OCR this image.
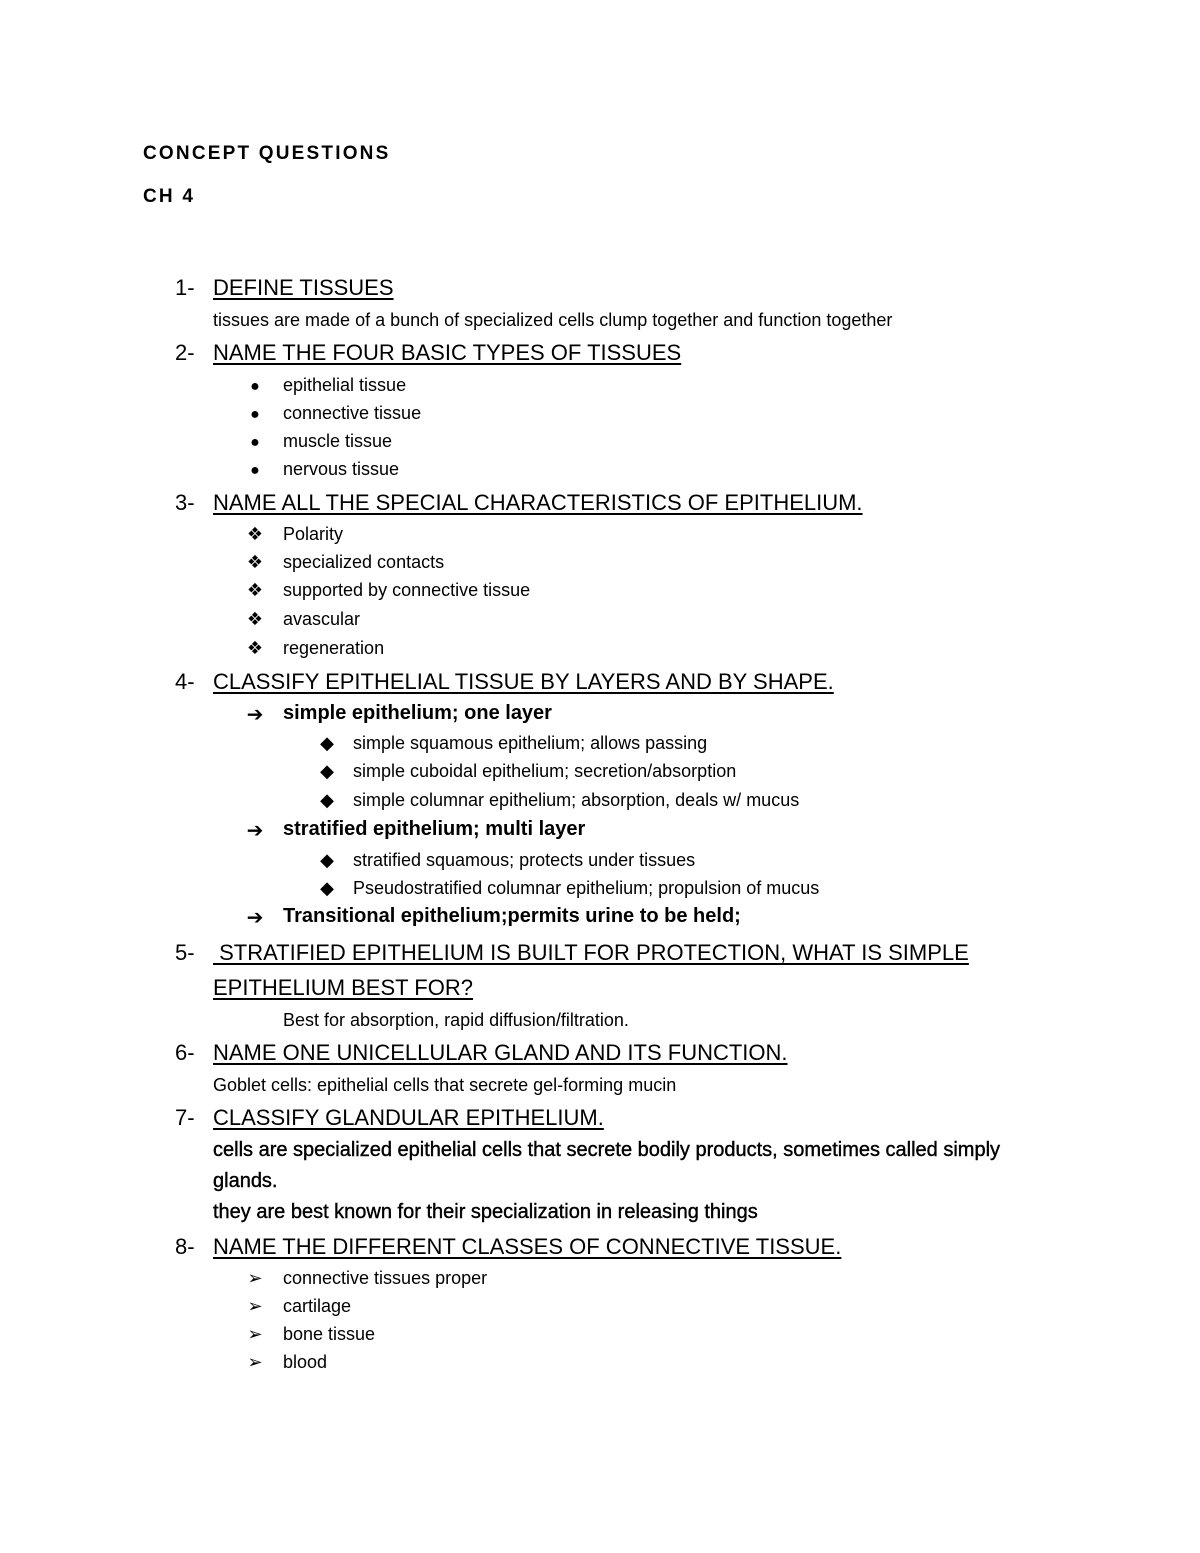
CONCEPT QUESTIONS
CH 4
1- DEFINE TISSUES
tissues are made of a bunch of specialized cells clump together and function together
2- NAME THE FOUR BASIC TYPES OF TISSUES
●	epithelial tissue
●	connective tissue
●	muscle tissue
●	nervous tissue
3- NAME ALL THE SPECIAL CHARACTERISTICS OF EPITHELIUM.
❖ Polarity
❖ specialized contacts
❖ supported by connective tissue
❖ avascular
❖ regeneration
4- CLASSIFY EPITHELIAL TISSUE BY LAYERS AND BY SHAPE.
➔ simple epithelium; one layer
◆ simple squamous epithelium; allows passing
◆ simple cuboidal epithelium; secretion/absorption
◆ simple columnar epithelium; absorption, deals w/ mucus
➔ stratified epithelium; multi layer
◆ stratified squamous; protects under tissues
◆ Pseudostratified columnar epithelium; propulsion of mucus
➔ Transitional epithelium;permits urine to be held;
5- STRATIFIED EPITHELIUM IS BUILT FOR PROTECTION, WHAT IS SIMPLE
EPITHELIUM BEST FOR?
Best for absorption, rapid diffusion/filtration.
6- NAME ONE UNICELLULAR GLAND AND ITS FUNCTION.
Goblet cells: epithelial cells that secrete gel-forming mucin
7- CLASSIFY GLANDULAR EPITHELIUM.
cells are specialized epithelial cells that secrete bodily products, sometimes called simply
glands.
they are best known for their specialization in releasing things
8- NAME THE DIFFERENT CLASSES OF CONNECTIVE TISSUE.
➢ connective tissues proper
➢ cartilage
➢ bone tissue
➢ blood
